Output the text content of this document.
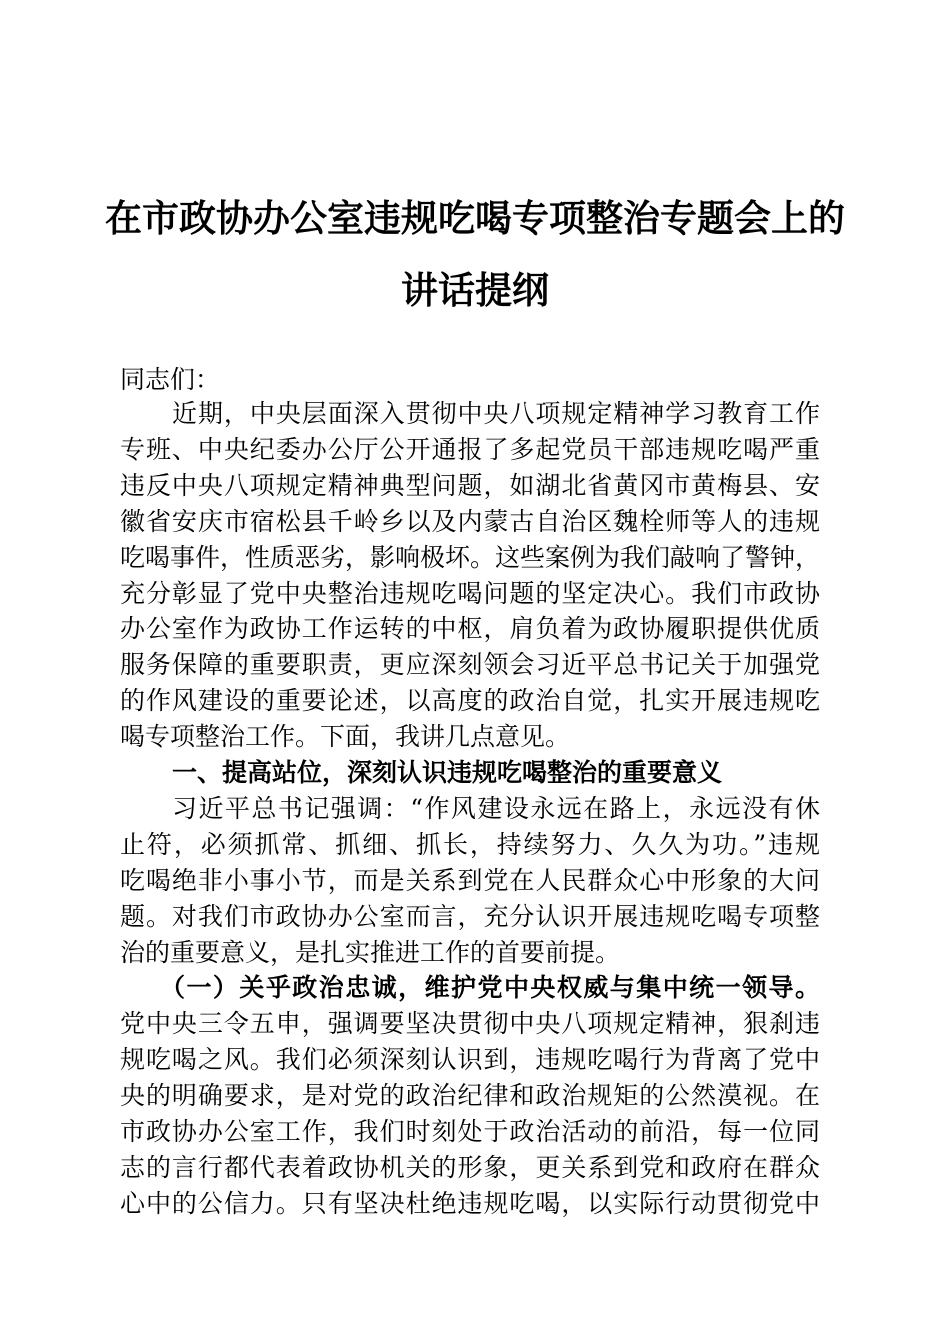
在市政协办公室违规吃喝专项整治专题会上的
讲话提纲
同志们：
近期，中央层面深入贯彻中央八项规定精神学习教育工作
专班、中央纪委办公厅公开通报了多起党员干部违规吃喝严重
违反中央八项规定精神典型问题，如湖北省黄冈市黄梅县、安
徽省安庆市宿松县千岭乡以及内蒙古自治区魏栓师等人的违规
吃喝事件，性质恶劣，影响极坏。这些案例为我们敲响了警钟，
充分彰显了党中央整治违规吃喝问题的坚定决心。我们市政协
办公室作为政协工作运转的中枢，肩负着为政协履职提供优质
服务保障的重要职责，更应深刻领会习近平总书记关于加强党
的作风建设的重要论述，以高度的政治自觉，扎实开展违规吃
喝专项整治工作。下面，我讲几点意见。
一、提高站位，深刻认识违规吃喝整治的重要意义
习近平总书记强调：“作风建设永远在路上，永远没有休
止符，必须抓常、抓细、抓长，持续努力、久久为功。”违规
吃喝绝非小事小节，而是关系到党在人民群众心中形象的大问
题。对我们市政协办公室而言，充分认识开展违规吃喝专项整
治的重要意义，是扎实推进工作的首要前提。
（一）关乎政治忠诚，维护党中央权威与集中统一领导。
党中央三令五申，强调要坚决贯彻中央八项规定精神，狠刹违
规吃喝之风。我们必须深刻认识到，违规吃喝行为背离了党中
央的明确要求，是对党的政治纪律和政治规矩的公然漠视。在
市政协办公室工作，我们时刻处于政治活动的前沿，每一位同
志的言行都代表着政协机关的形象，更关系到党和政府在群众
心中的公信力。只有坚决杜绝违规吃喝，以实际行动贯彻党中
